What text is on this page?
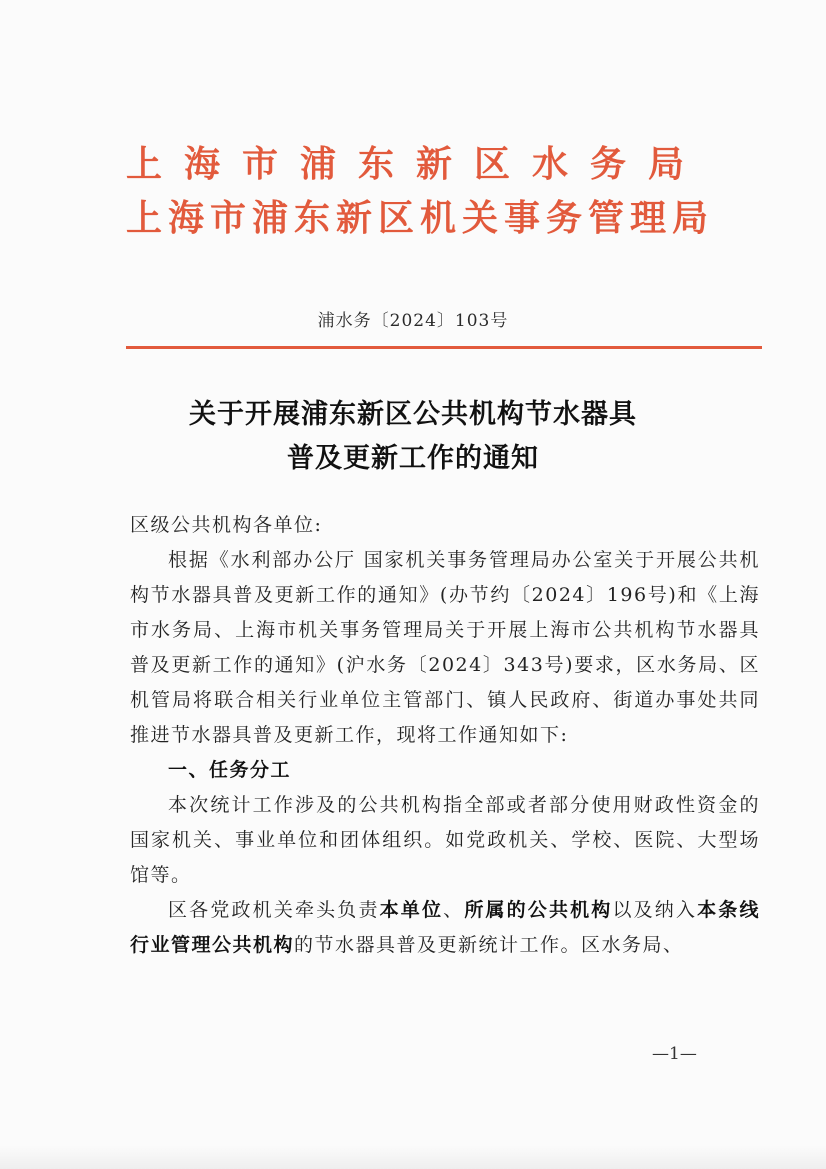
上海市浦东新区水务局
上海市浦东新区机关事务管理局
浦水务〔2024〕103号
关于开展浦东新区公共机构节水器具
普及更新工作的通知

区级公共机构各单位:

根据《水利部办公厅 国家机关事务管理局办公室关于开展公共机构节水器具普及更新工作的通知》(办节约〔2024〕196号)和《上海市水务局、上海市机关事务管理局关于开展上海市公共机构节水器具普及更新工作的通知》(沪水务〔2024〕343号)要求，区水务局、区机管局将联合相关行业单位主管部门、镇人民政府、街道办事处共同推进节水器具普及更新工作，现将工作通知如下:

一、任务分工

本次统计工作涉及的公共机构指全部或者部分使用财政性资金的国家机关、事业单位和团体组织。如党政机关、学校、医院、大型场馆等。

区各党政机关牵头负责本单位、所属的公共机构以及纳入本条线行业管理公共机构的节水器具普及更新统计工作。区水务局、

—1—
